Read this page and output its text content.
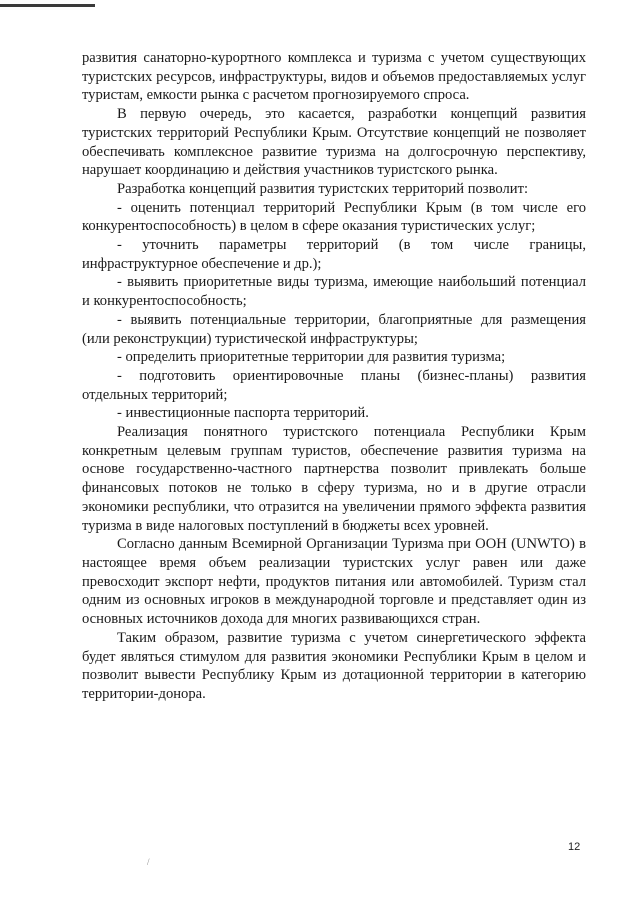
развития санаторно-курортного комплекса и туризма с учетом существующих туристских ресурсов, инфраструктуры, видов и объемов предоставляемых услуг туристам, емкости рынка с расчетом прогнозируемого спроса.

В первую очередь, это касается, разработки концепций развития туристских территорий Республики Крым. Отсутствие концепций не позволяет обеспечивать комплексное развитие туризма на долгосрочную перспективу, нарушает координацию и действия участников туристского рынка.

Разработка концепций развития туристских территорий позволит:

- оценить потенциал территорий Республики Крым (в том числе его конкурентоспособность) в целом в сфере оказания туристических услуг;

- уточнить параметры территорий (в том числе границы, инфраструктурное обеспечение и др.);

- выявить приоритетные виды туризма, имеющие наибольший потенциал и конкурентоспособность;

- выявить потенциальные территории, благоприятные для размещения (или реконструкции) туристической инфраструктуры;

- определить приоритетные территории для развития туризма;

- подготовить ориентировочные планы (бизнес-планы) развития отдельных территорий;

- инвестиционные паспорта территорий.

Реализация понятного туристского потенциала Республики Крым конкретным целевым группам туристов, обеспечение развития туризма на основе государственно-частного партнерства позволит привлекать больше финансовых потоков не только в сферу туризма, но и в другие отрасли экономики республики, что отразится на увеличении прямого эффекта развития туризма в виде налоговых поступлений в бюджеты всех уровней.

Согласно данным Всемирной Организации Туризма при ООН (UNWTO) в настоящее время объем реализации туристских услуг равен или даже превосходит экспорт нефти, продуктов питания или автомобилей. Туризм стал одним из основных игроков в международной торговле и представляет один из основных источников дохода для многих развивающихся стран.

Таким образом, развитие туризма с учетом синергетического эффекта будет являться стимулом для развития экономики Республики Крым в целом и позволит вывести Республику Крым из дотационной территории в категорию территории-донора.

12
/
